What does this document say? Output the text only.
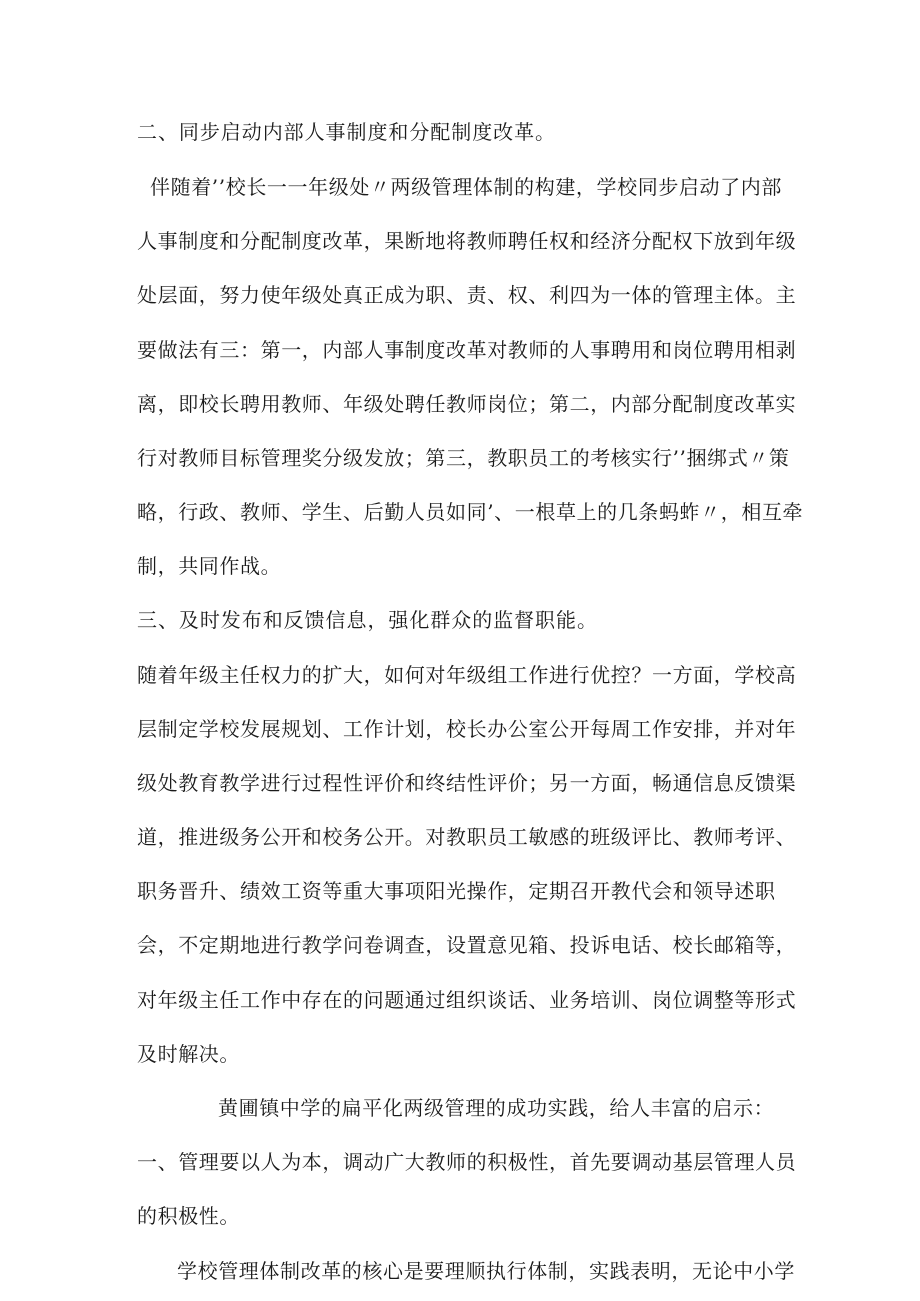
二、同步启动内部人事制度和分配制度改革。

伴随着’’校长一一年级处〃两级管理体制的构建，学校同步启动了内部

人事制度和分配制度改革，果断地将教师聘任权和经济分配权下放到年级

处层面，努力使年级处真正成为职、责、权、利四为一体的管理主体。主

要做法有三：第一，内部人事制度改革对教师的人事聘用和岗位聘用相剥

离，即校长聘用教师、年级处聘任教师岗位；第二，内部分配制度改革实

行对教师目标管理奖分级发放；第三，教职员工的考核实行’’捆绑式〃策

略，行政、教师、学生、后勤人员如同’、一根草上的几条蚂蚱〃，相互牵

制，共同作战。

三、及时发布和反馈信息，强化群众的监督职能。

随着年级主任权力的扩大，如何对年级组工作进行优控？一方面，学校高

层制定学校发展规划、工作计划，校长办公室公开每周工作安排，并对年

级处教育教学进行过程性评价和终结性评价；另一方面，畅通信息反馈渠

道，推进级务公开和校务公开。对教职员工敏感的班级评比、教师考评、

职务晋升、绩效工资等重大事项阳光操作，定期召开教代会和领导述职

会，不定期地进行教学问卷调查，设置意见箱、投诉电话、校长邮箱等，

对年级主任工作中存在的问题通过组织谈话、业务培训、岗位调整等形式

及时解决。

黄圃镇中学的扁平化两级管理的成功实践，给人丰富的启示：

一、管理要以人为本，调动广大教师的积极性，首先要调动基层管理人员

的积极性。

学校管理体制改革的核心是要理顺执行体制，实践表明，无论中小学
